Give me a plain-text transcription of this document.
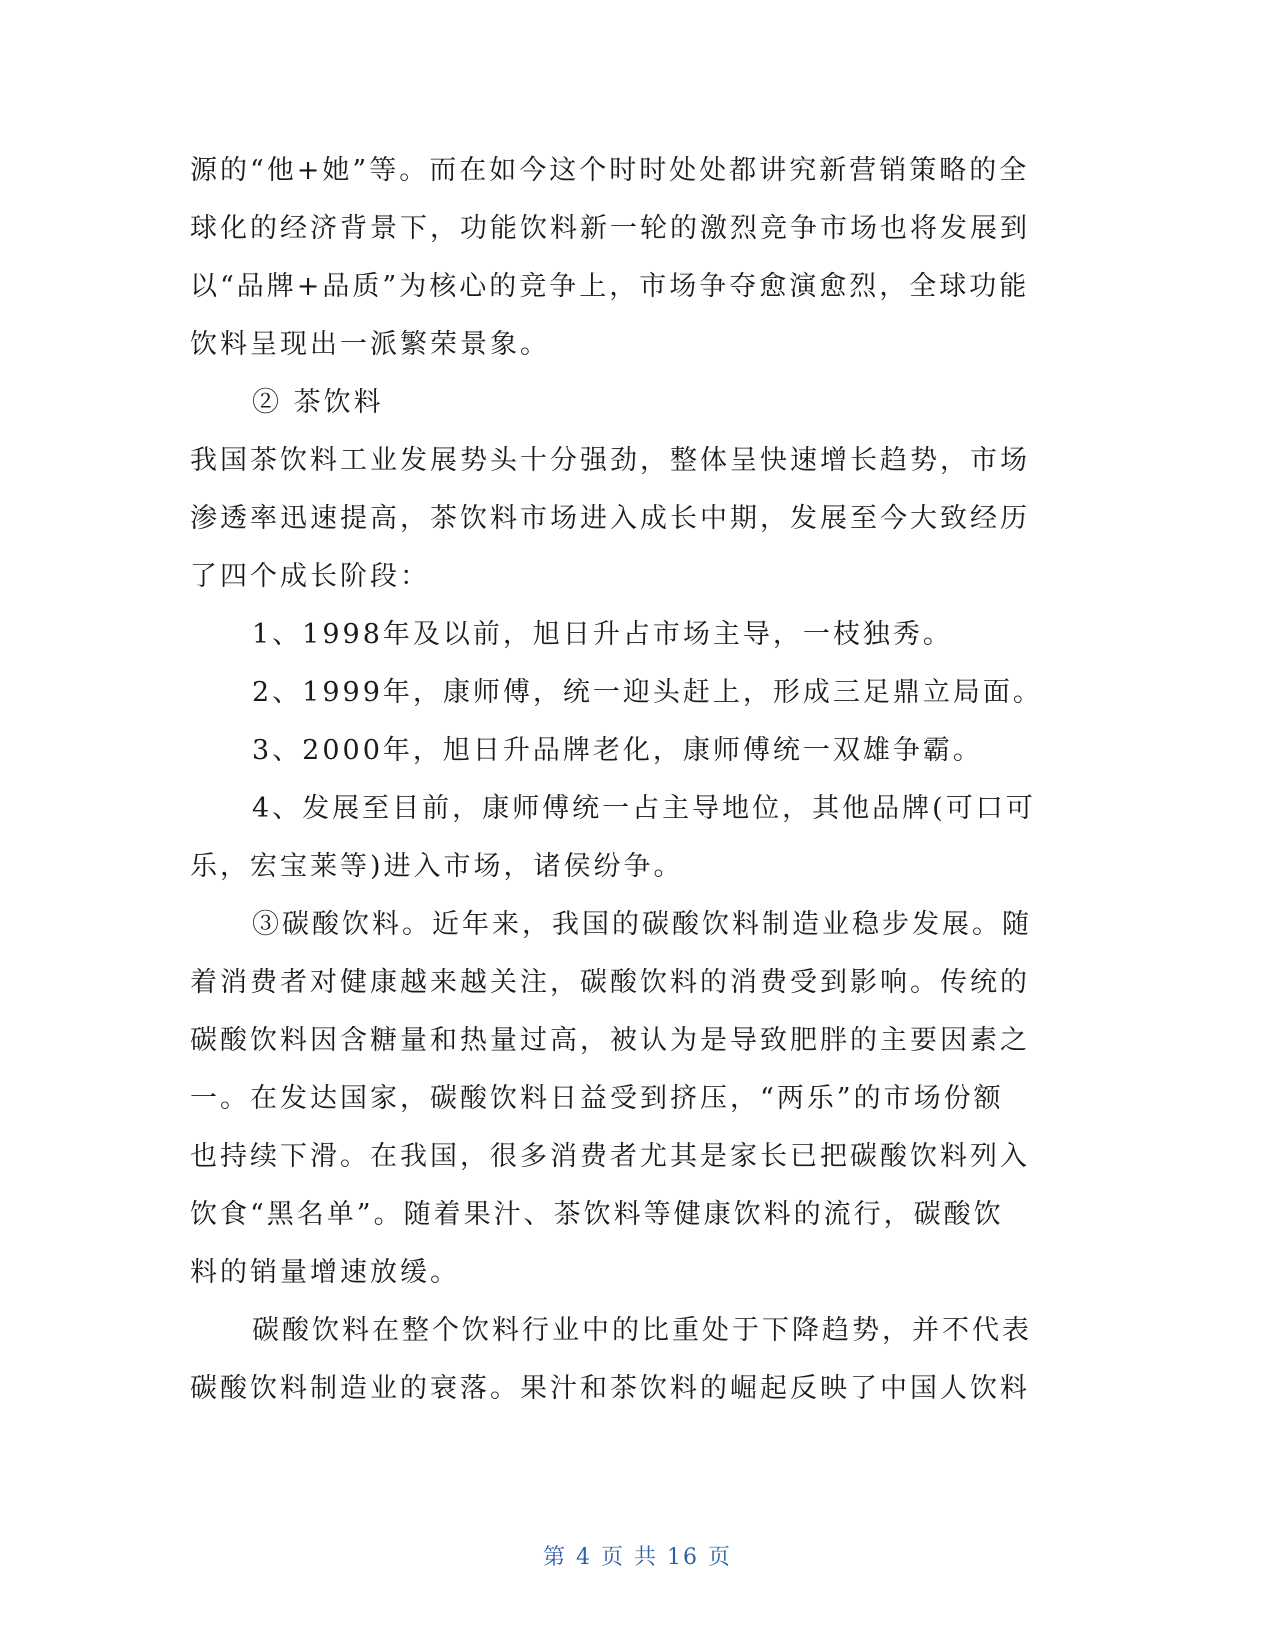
源的“他+她”等。而在如今这个时时处处都讲究新营销策略的全
球化的经济背景下，功能饮料新一轮的激烈竞争市场也将发展到
以“品牌+品质”为核心的竞争上，市场争夺愈演愈烈，全球功能
饮料呈现出一派繁荣景象。
② 茶饮料
我国茶饮料工业发展势头十分强劲，整体呈快速增长趋势，市场
渗透率迅速提高，茶饮料市场进入成长中期，发展至今大致经历
了四个成长阶段：
1、1998年及以前，旭日升占市场主导，一枝独秀。
2、1999年，康师傅，统一迎头赶上，形成三足鼎立局面。
3、2000年，旭日升品牌老化，康师傅统一双雄争霸。
4、发展至目前，康师傅统一占主导地位，其他品牌(可口可
乐，宏宝莱等)进入市场，诸侯纷争。
③碳酸饮料。近年来，我国的碳酸饮料制造业稳步发展。随
着消费者对健康越来越关注，碳酸饮料的消费受到影响。传统的
碳酸饮料因含糖量和热量过高，被认为是导致肥胖的主要因素之
一。在发达国家，碳酸饮料日益受到挤压，“两乐”的市场份额
也持续下滑。在我国，很多消费者尤其是家长已把碳酸饮料列入
饮食“黑名单”。随着果汁、茶饮料等健康饮料的流行，碳酸饮
料的销量增速放缓。
碳酸饮料在整个饮料行业中的比重处于下降趋势，并不代表
碳酸饮料制造业的衰落。果汁和茶饮料的崛起反映了中国人饮料
第 4 页 共 16 页
